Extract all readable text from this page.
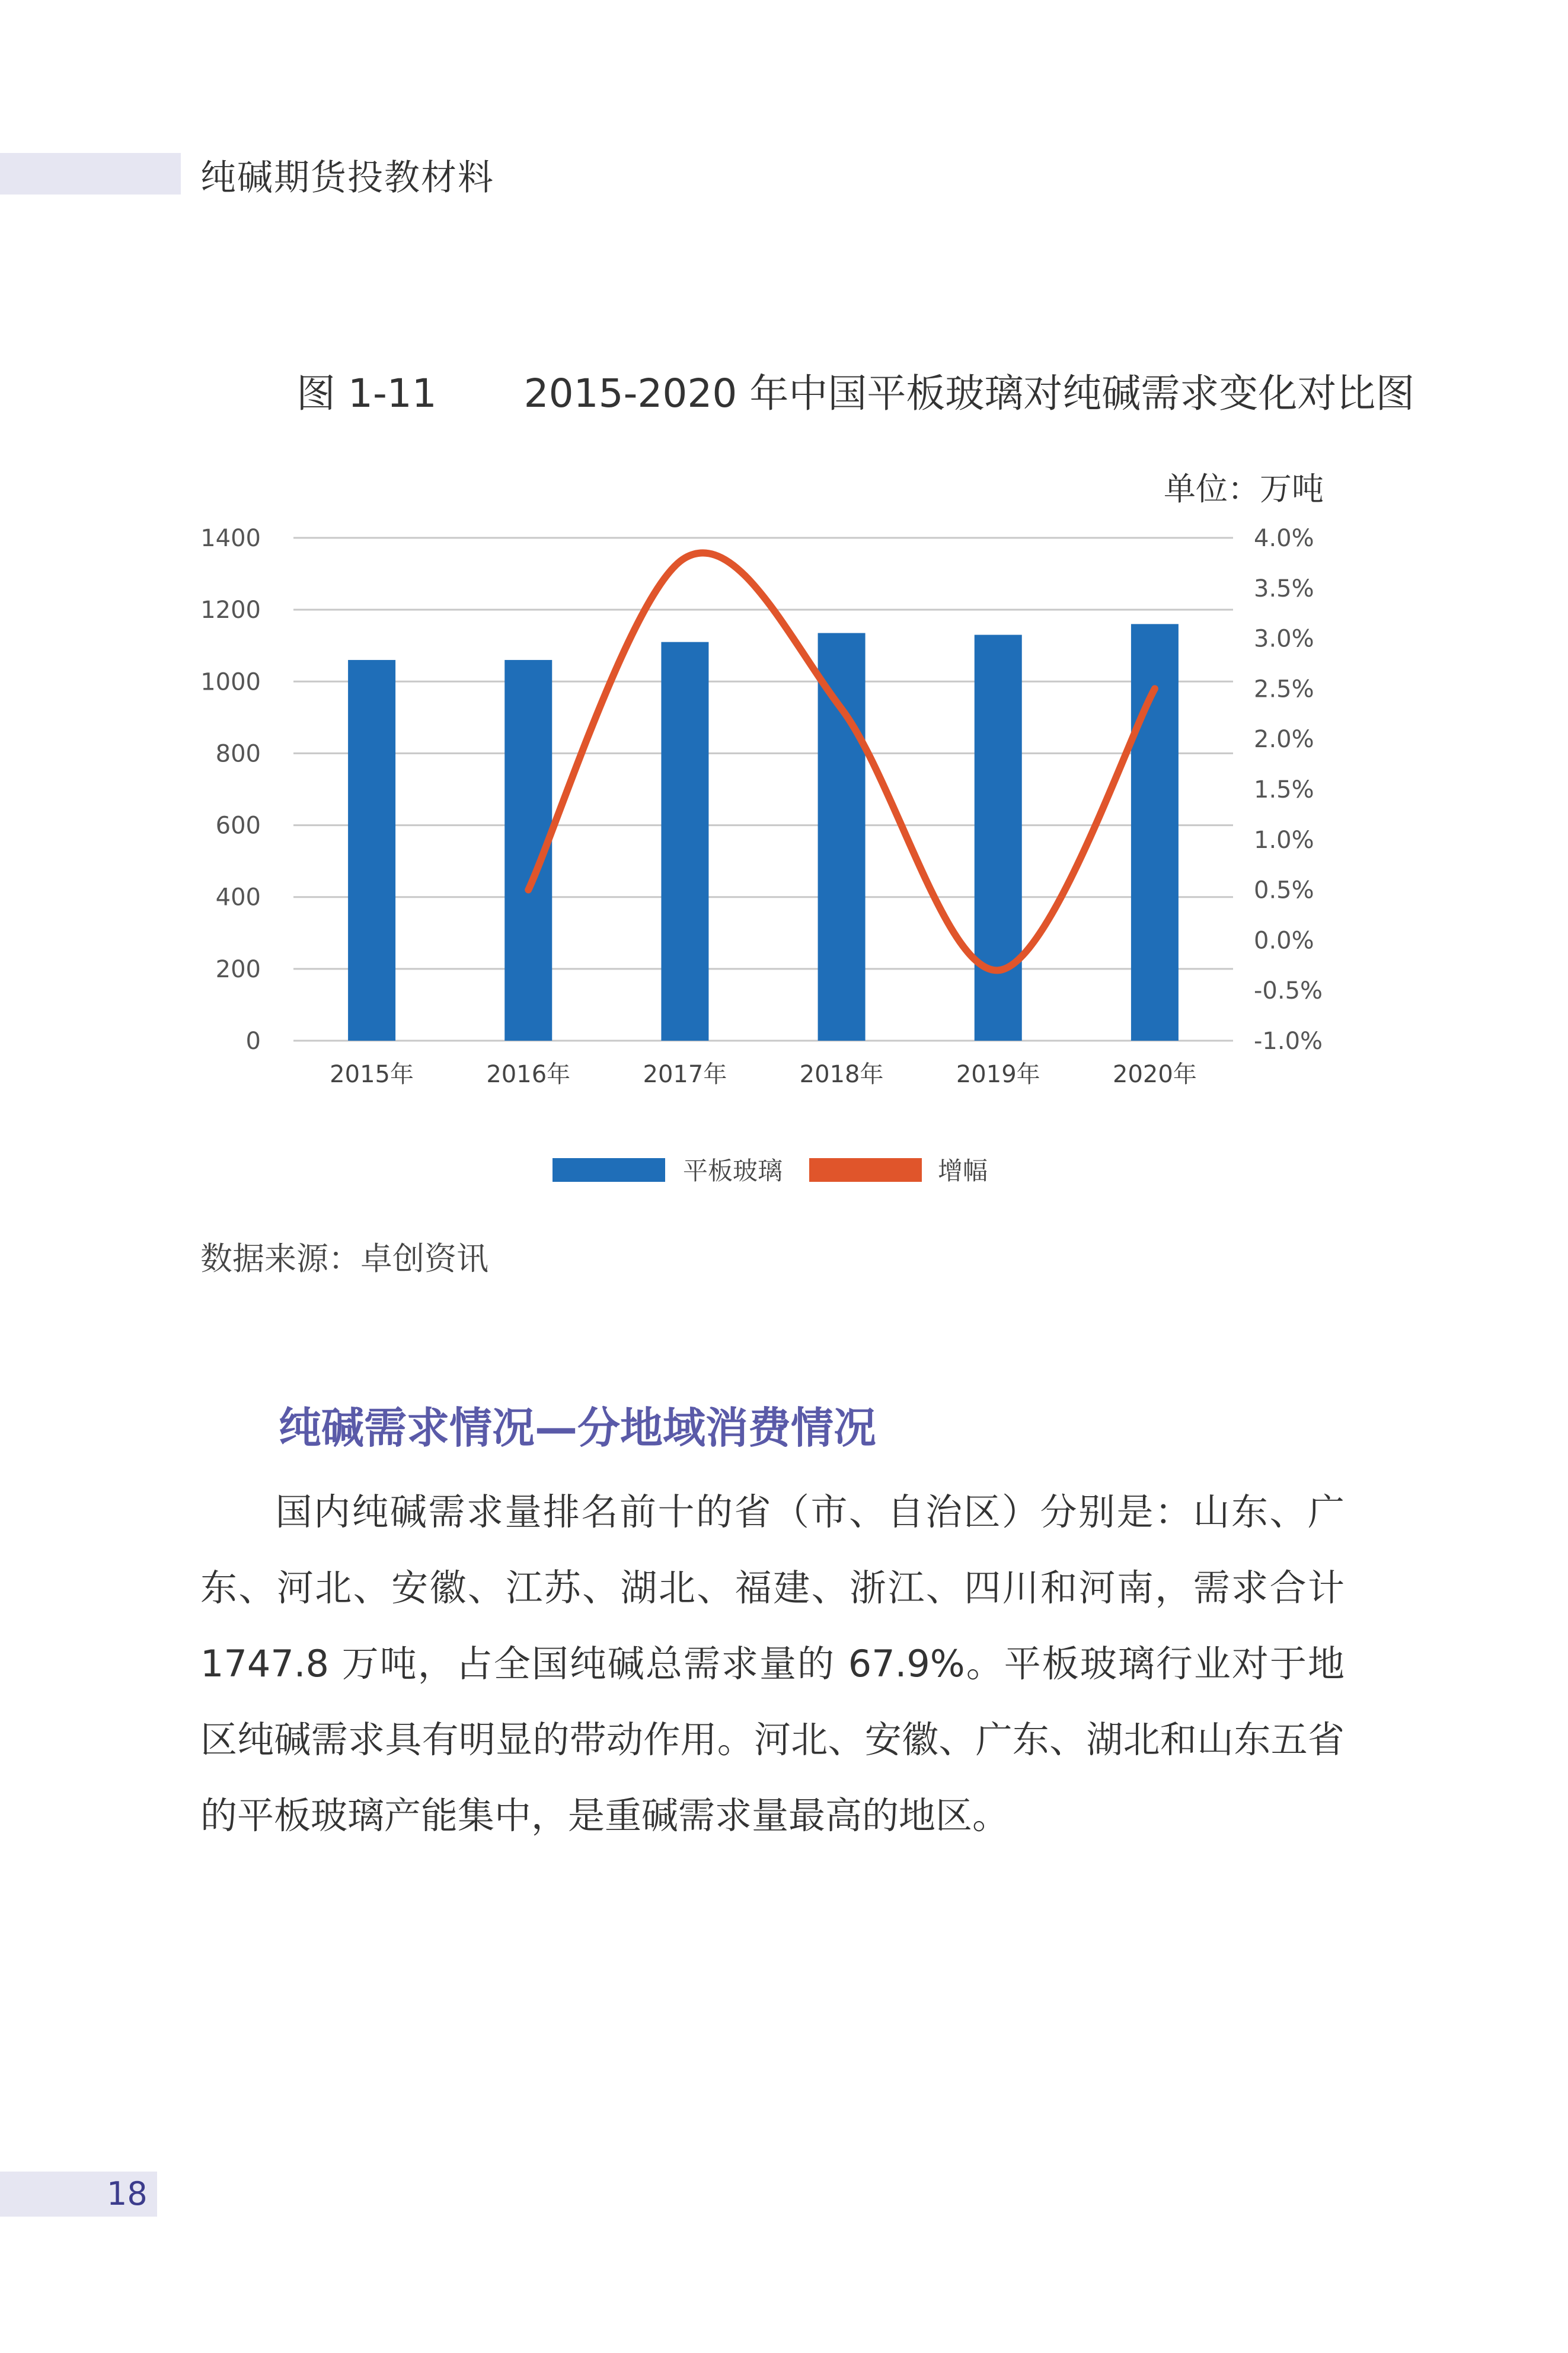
纯碱期货投教材料
图 1-11       2015-2020 年中国平板玻璃对纯碱需求变化对比图
单位：万吨
0
200
400
600
800
1000
1200
1400
-1.0%
-0.5%
0.0%
0.5%
1.0%
1.5%
2.0%
2.5%
3.0%
3.5%
4.0%
2015年	2016年	2017年	2018年	2019年	2020年
平板玻璃	增幅
数据来源：卓创资讯
纯碱需求情况—分地域消费情况
国内纯碱需求量排名前十的省（市、自治区）分别是：山东、广东、河北、安徽、江苏、湖北、福建、浙江、四川和河南，需求合计 1747.8 万吨，占全国纯碱总需求量的 67.9%。平板玻璃行业对于地区纯碱需求具有明显的带动作用。河北、安徽、广东、湖北和山东五省的平板玻璃产能集中，是重碱需求量最高的地区。
18
